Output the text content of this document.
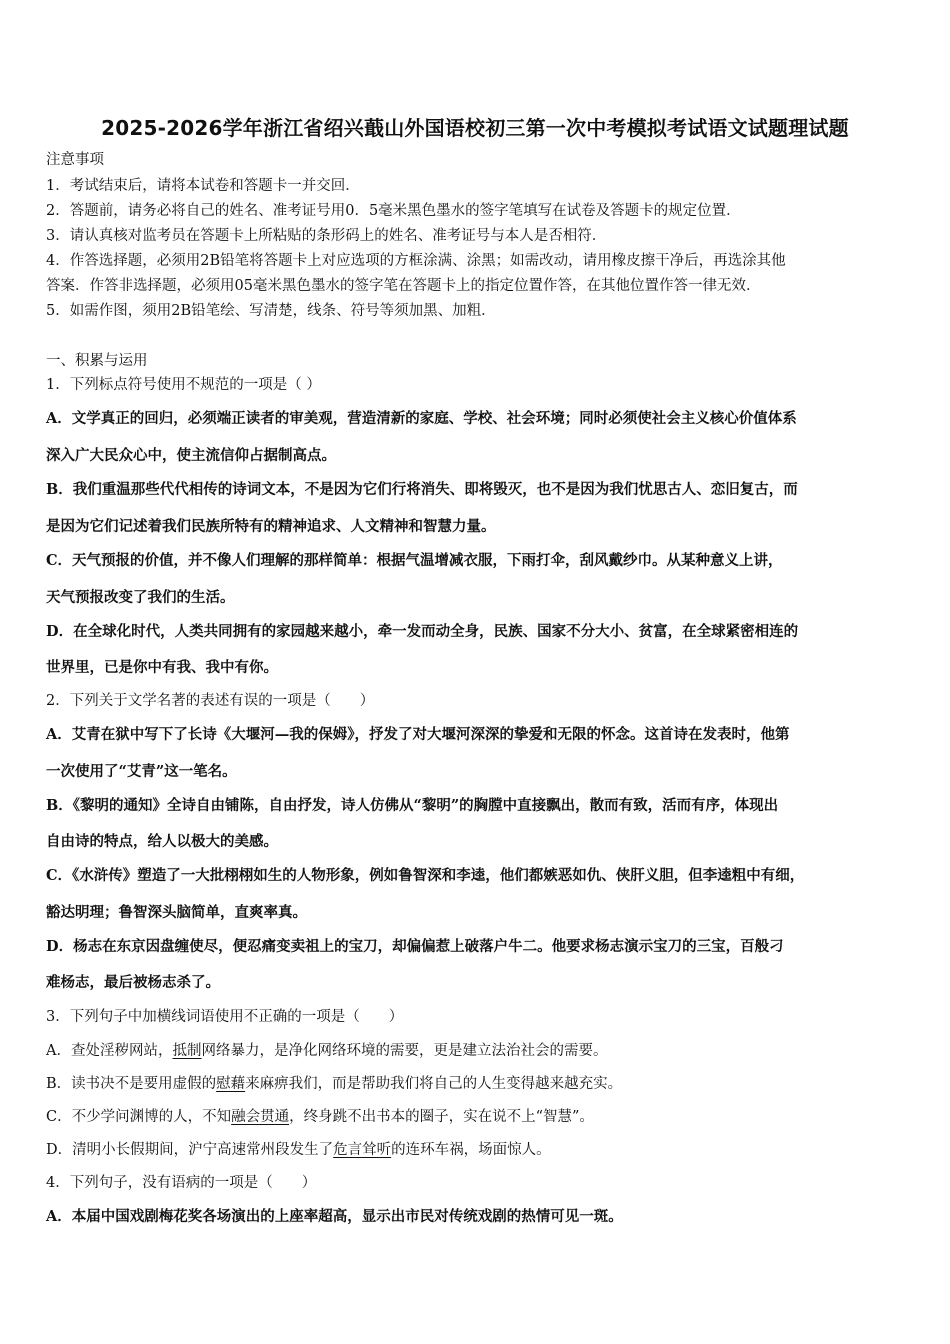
2025-2026学年浙江省绍兴蕺山外国语校初三第一次中考模拟考试语文试题理试题
注意事项
1．考试结束后，请将本试卷和答题卡一并交回．
2．答题前，请务必将自己的姓名、准考证号用0．5毫米黑色墨水的签字笔填写在试卷及答题卡的规定位置．
3．请认真核对监考员在答题卡上所粘贴的条形码上的姓名、准考证号与本人是否相符．
4．作答选择题，必须用2B铅笔将答题卡上对应选项的方框涂满、涂黑；如需改动，请用橡皮擦干净后，再选涂其他
答案．作答非选择题，必须用05毫米黑色墨水的签字笔在答题卡上的指定位置作答，在其他位置作答一律无效．
5．如需作图，须用2B铅笔绘、写清楚，线条、符号等须加黑、加粗．
一、积累与运用
1．下列标点符号使用不规范的一项是（ ）
A．文学真正的回归，必须端正读者的审美观，营造清新的家庭、学校、社会环境；同时必须使社会主义核心价值体系
深入广大民众心中，使主流信仰占据制高点。
B．我们重温那些代代相传的诗词文本，不是因为它们行将消失、即将毁灭，也不是因为我们忧思古人、恋旧复古，而
是因为它们记述着我们民族所特有的精神追求、人文精神和智慧力量。
C．天气预报的价值，并不像人们理解的那样简单：根据气温增减衣服，下雨打伞，刮风戴纱巾。从某种意义上讲，
天气预报改变了我们的生活。
D．在全球化时代，人类共同拥有的家园越来越小，牵一发而动全身，民族、国家不分大小、贫富，在全球紧密相连的
世界里，已是你中有我、我中有你。
2．下列关于文学名著的表述有误的一项是（　　）
A．艾青在狱中写下了长诗《大堰河—我的保姆》，抒发了对大堰河深深的挚爱和无限的怀念。这首诗在发表时，他第
一次使用了“艾青”这一笔名。
B．《黎明的通知》全诗自由铺陈，自由抒发，诗人仿佛从“黎明”的胸膛中直接飘出，散而有致，活而有序，体现出
自由诗的特点，给人以极大的美感。
C．《水浒传》塑造了一大批栩栩如生的人物形象，例如鲁智深和李逵，他们都嫉恶如仇、侠肝义胆，但李逵粗中有细，
豁达明理；鲁智深头脑简单，直爽率真。
D．杨志在东京因盘缠使尽，便忍痛变卖祖上的宝刀，却偏偏惹上破落户牛二。他要求杨志演示宝刀的三宝，百般刁
难杨志，最后被杨志杀了。
3．下列句子中加横线词语使用不正确的一项是（　　）
A．查处淫秽网站，抵制网络暴力，是净化网络环境的需要，更是建立法治社会的需要。
B．读书决不是要用虚假的慰藉来麻痹我们，而是帮助我们将自己的人生变得越来越充实。
C．不少学问渊博的人，不知融会贯通，终身跳不出书本的圈子，实在说不上“智慧”。
D．清明小长假期间，沪宁高速常州段发生了危言耸听的连环车祸，场面惊人。
4．下列句子，没有语病的一项是（　　）
A．本届中国戏剧梅花奖各场演出的上座率超高，显示出市民对传统戏剧的热情可见一斑。
